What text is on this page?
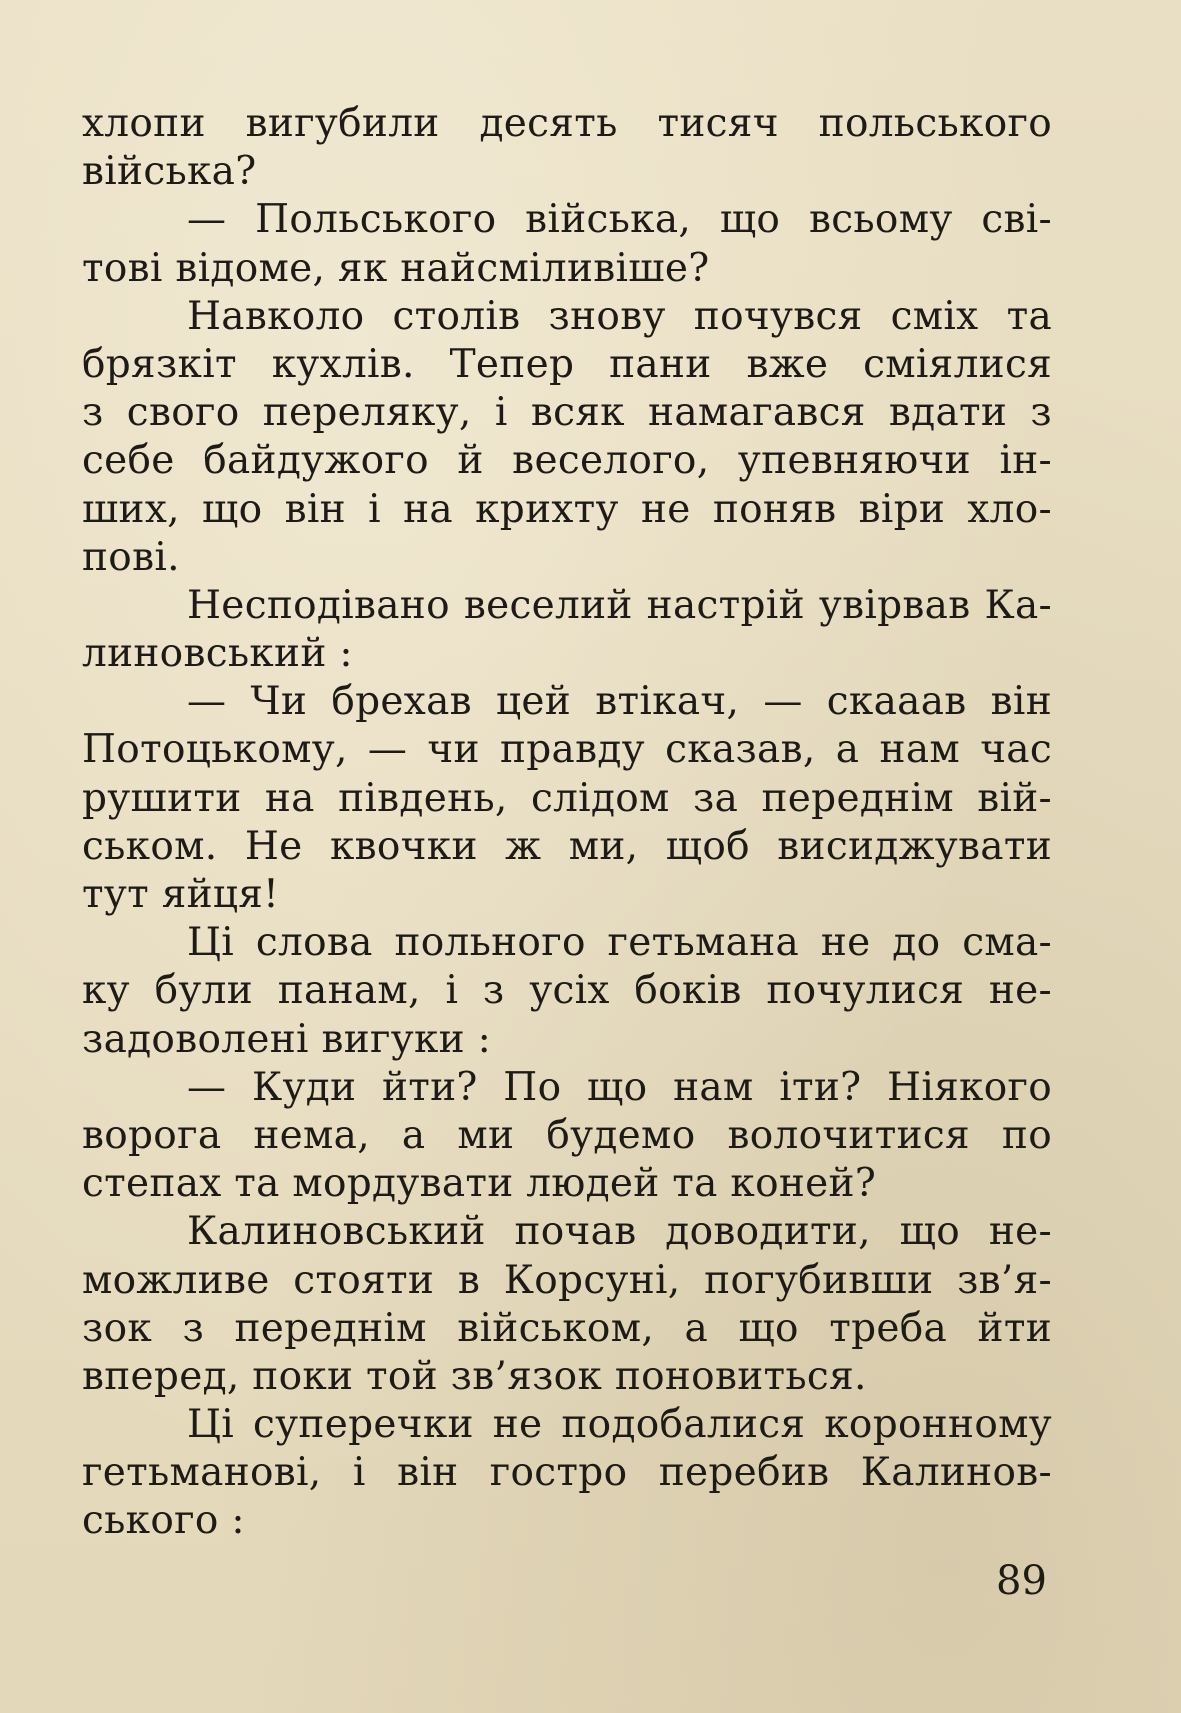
хлопи вигубили десять тисяч польського
війська?
— Польського війська, що всьому сві-
тові відоме, як найсміливіше?
Навколо столів знову почувся сміх та
брязкіт кухлів. Тепер пани вже сміялися
з свого переляку, і всяк намагався вдати з
себе байдужого й веселого, упевняючи ін-
ших, що він і на крихту не поняв віри хло-
пові.
Несподівано веселий настрій увірвав Ка-
линовський :
— Чи брехав цей втікач, — скааав він
Потоцькому, — чи правду сказав, а нам час
рушити на південь, слідом за переднім вій-
ськом. Не квочки ж ми, щоб висиджувати
тут яйця!
Ці слова польного гетьмана не до сма-
ку були панам, і з усіх боків почулися не-
задоволені вигуки :
— Куди йти? По що нам іти? Ніякого
ворога нема, а ми будемо волочитися по
степах та мордувати людей та коней?
Калиновський почав доводити, що не-
можливе стояти в Корсуні, погубивши зв’я-
зок з переднім військом, а що треба йти
вперед, поки той зв’язок поновиться.
Ці суперечки не подобалися коронному
гетьманові, і він гостро перебив Калинов-
ського :
89
